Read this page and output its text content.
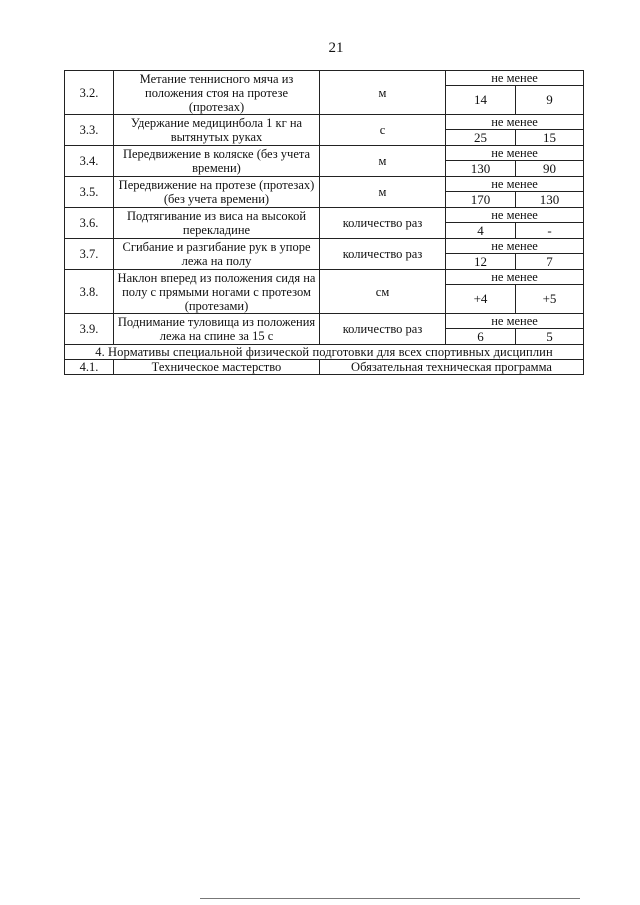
21
3.2.	Метание теннисного мяча из положения стоя на протезе (протезах)	м	не менее	
			14	9
3.3.	Удержание медицинбола 1 кг на вытянутых руках	с	не менее	
			25	15
3.4.	Передвижение в коляске (без учета времени)	м	не менее	
			130	90
3.5.	Передвижение на протезе (протезах) (без учета времени)	м	не менее	
			170	130
3.6.	Подтягивание из виса на высокой перекладине	количество раз	не менее	
			4	-
3.7.	Сгибание и разгибание рук в упоре лежа на полу	количество раз	не менее	
			12	7
3.8.	Наклон вперед из положения сидя на полу с прямыми ногами с протезом (протезами)	см	не менее	
			+4	+5
3.9.	Поднимание туловища из положения лежа на спине за 15 с	количество раз	не менее	
			6	5
4. Нормативы специальной физической подготовки для всех спортивных дисциплин				
4.1.	Техническое мастерство	Обязательная техническая программа		
